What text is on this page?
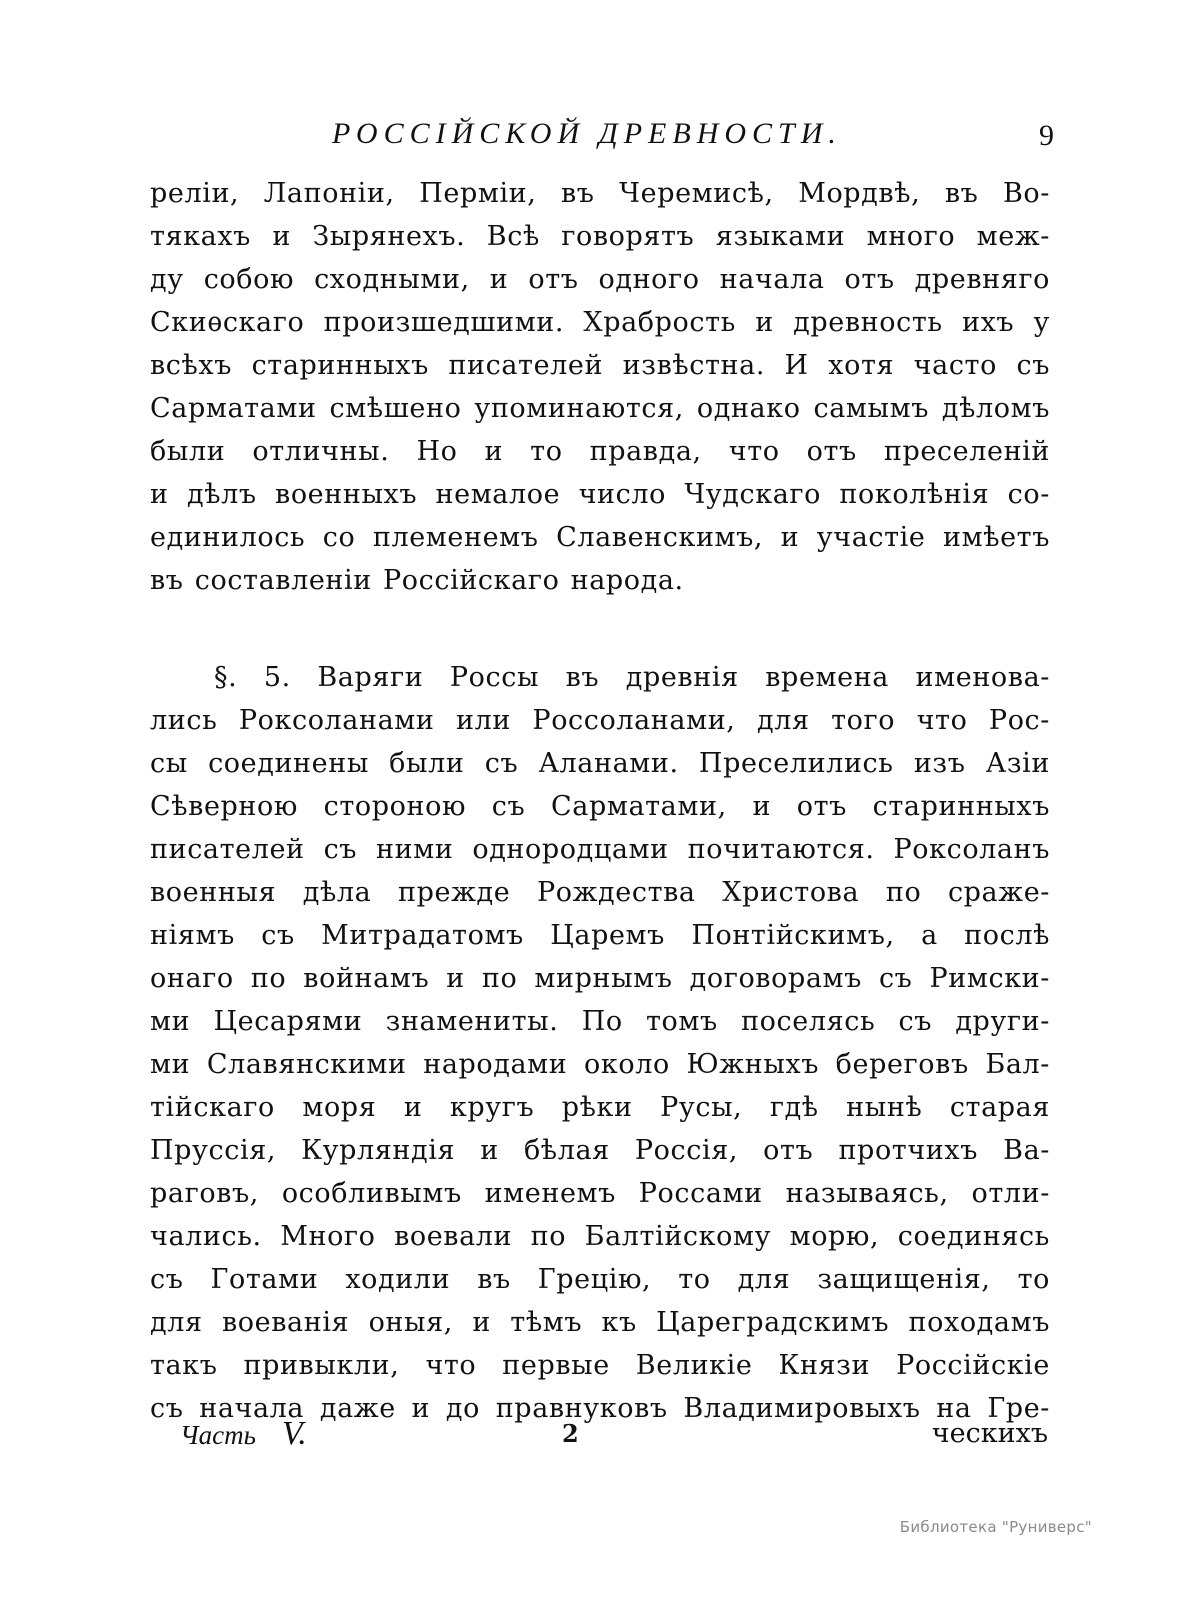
РОССІЙСКОЙ ДРЕВНОСТИ.	9
реліи, Лапоніи, Перміи, въ Черемисѣ, Мордвѣ, въ Во-
тякахъ и Зырянехъ. Всѣ говорятъ языками много меж-
ду собою сходными, и отъ одного начала отъ древняго
Скиѳскаго произшедшими. Храбрость и древность ихъ у
всѣхъ старинныхъ писателей извѣстна. И хотя часто съ
Сарматами смѣшено упоминаются, однако самымъ дѣломъ
были отличны. Но и то правда, что отъ преселеній
и дѣлъ военныхъ немалое число Чудскаго поколѣнія со-
единилось со племенемъ Славенскимъ, и участіе имѣетъ
въ составленіи Россійскаго народа.
§. 5. Варяги Россы въ древнія времена именова-
лись Роксоланами или Россоланами, для того что Рос-
сы соединены были съ Аланами. Преселились изъ Азіи
Сѣверною стороною съ Сарматами, и отъ старинныхъ
писателей съ ними однородцами почитаются. Роксоланъ
военныя дѣла прежде Рождества Христова по сраже-
ніямъ съ Митрадатомъ Царемъ Понтійскимъ, а послѣ
онаго по войнамъ и по мирнымъ договорамъ съ Римски-
ми Цесарями знамениты. По томъ поселясь съ други-
ми Славянскими народами около Южныхъ береговъ Бал-
тійскаго моря и кругъ рѣки Русы, гдѣ нынѣ старая
Пруссія, Курляндія и бѣлая Россія, отъ протчихъ Ва-
раговъ, особливымъ именемъ Россами называясь, отли-
чались. Много воевали по Балтійскому морю, соединясь
съ Готами ходили въ Грецію, то для защищенія, то
для воеванія оныя, и тѣмъ къ Цареградскимъ походамъ
такъ привыкли, что первые Великіе Князи Россійскіе
съ начала даже и до правнуковъ Владимировыхъ на Гре-
Часть V.	2	ческихъ
Библиотека "Руниверс"
